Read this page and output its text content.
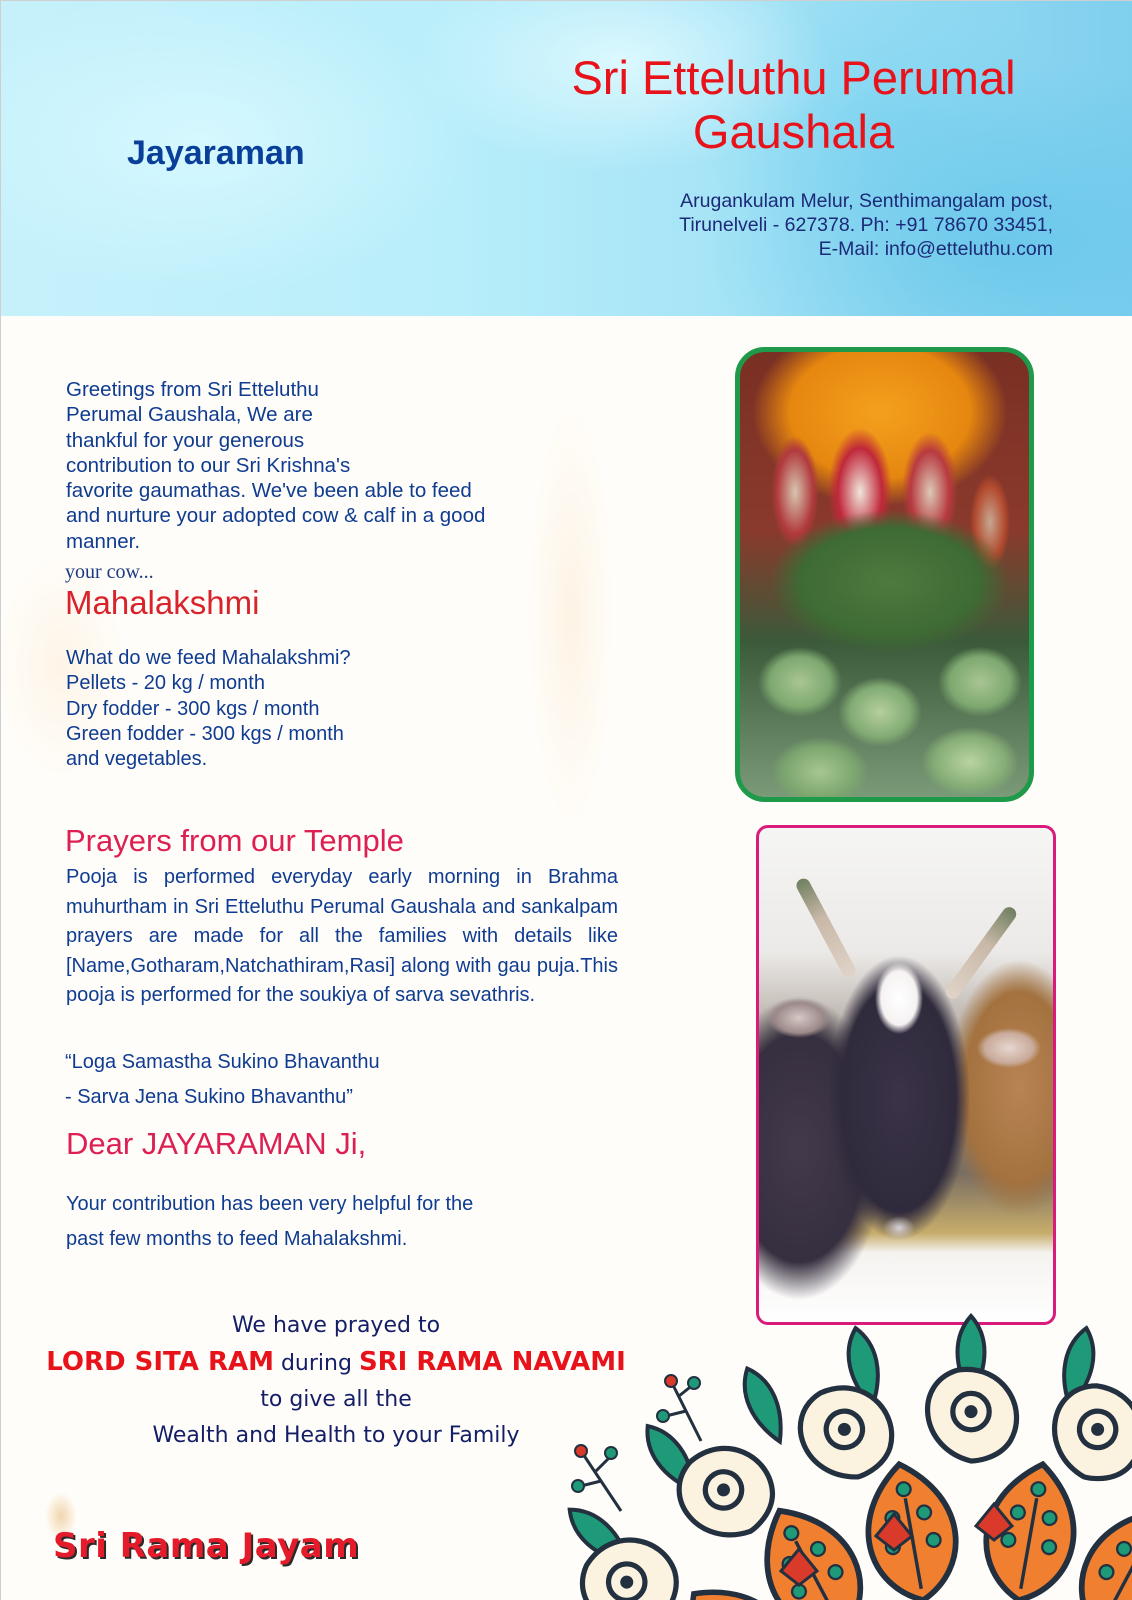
Jayaraman
Sri Etteluthu Perumal
Gaushala
Arugankulam Melur, Senthimangalam post,
Tirunelveli - 627378. Ph: +91 78670 33451,
E-Mail: info@etteluthu.com
Greetings from Sri Etteluthu
Perumal Gaushala, We are
thankful for your generous
contribution to our Sri Krishna's
favorite gaumathas. We've been able to feed
and nurture your adopted cow & calf in a good
manner.
your cow...
Mahalakshmi
What do we feed Mahalakshmi?
Pellets - 20 kg / month
Dry fodder - 300 kgs / month
Green fodder - 300 kgs / month
and vegetables.
Prayers from our Temple
Pooja is performed everyday early morning in Brahma muhurtham in Sri Etteluthu Perumal Gaushala and sankalpam prayers are made for all the families with details like [Name,Gotharam,Natchathiram,Rasi] along with gau puja.This pooja is performed for the soukiya of sarva sevathris.
“Loga Samastha Sukino Bhavanthu
- Sarva Jena Sukino Bhavanthu”
Dear JAYARAMAN Ji,
Your contribution has been very helpful for the
past few months to feed Mahalakshmi.
We have prayed to
LORD SITA RAM during SRI RAMA NAVAMI
to give all the
Wealth and Health to your Family
Sri Rama Jayam
